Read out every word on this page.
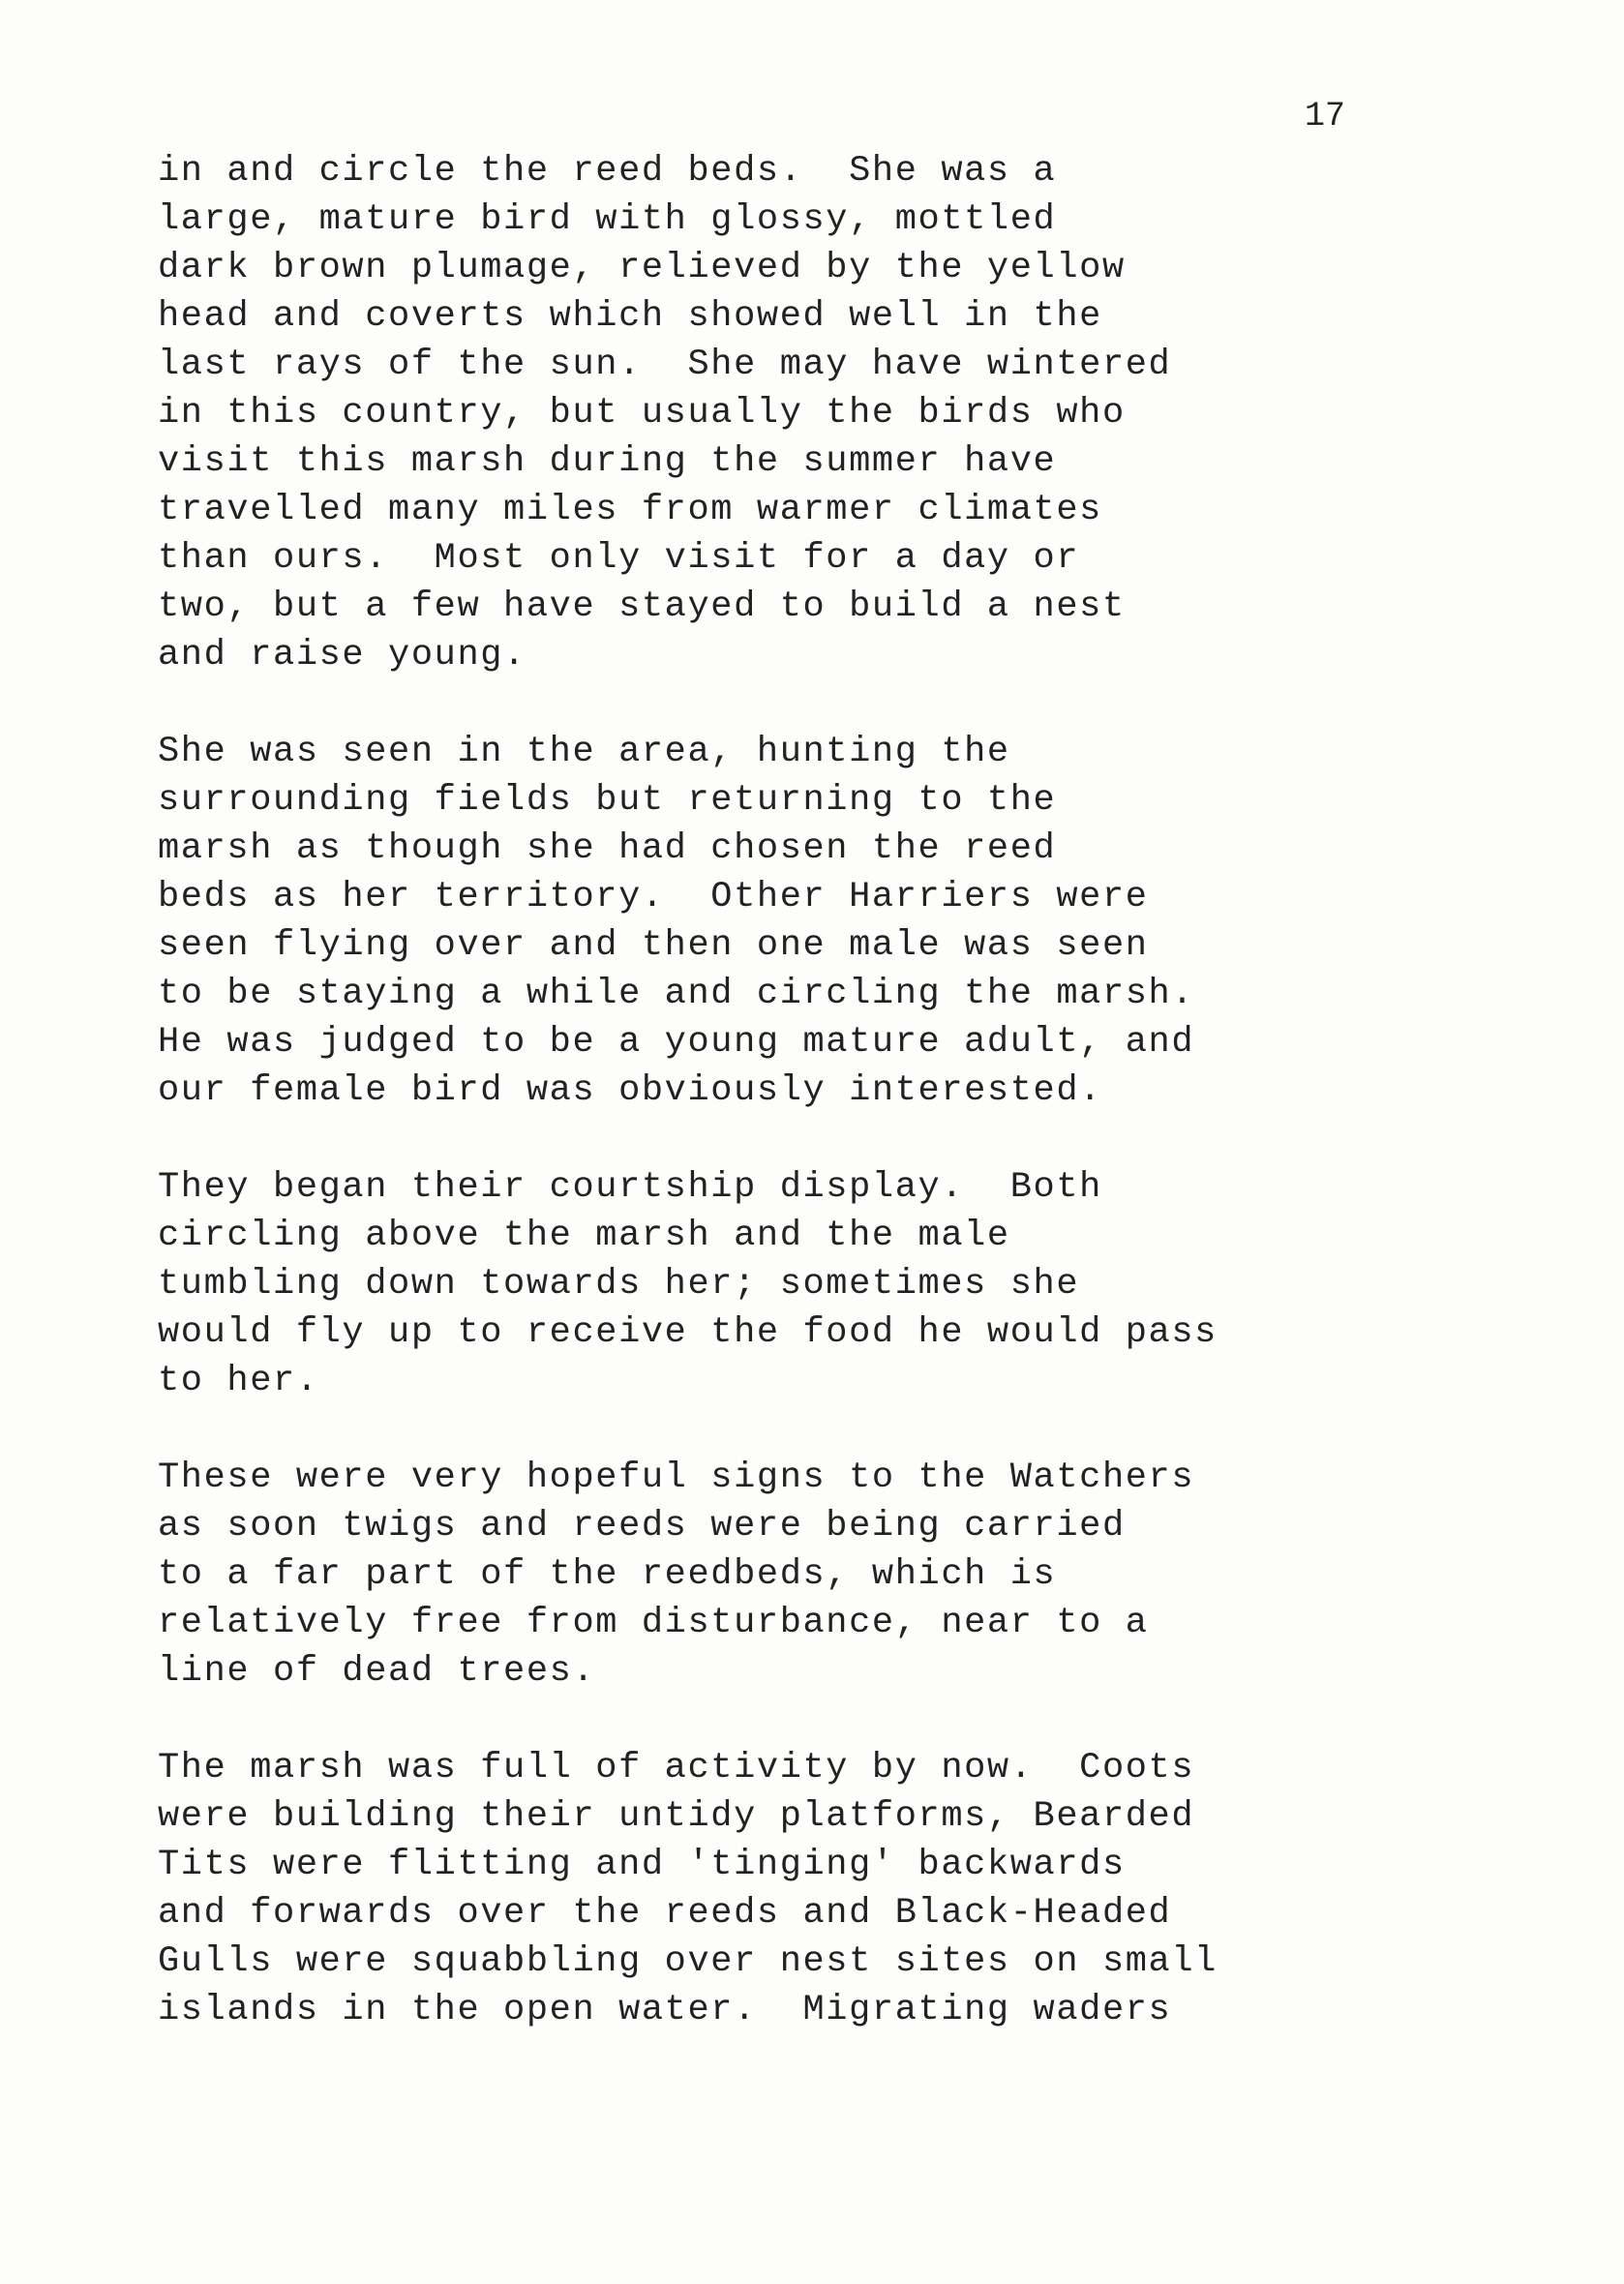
17
in and circle the reed beds.  She was a
large, mature bird with glossy, mottled
dark brown plumage, relieved by the yellow
head and coverts which showed well in the
last rays of the sun.  She may have wintered
in this country, but usually the birds who
visit this marsh during the summer have
travelled many miles from warmer climates
than ours.  Most only visit for a day or
two, but a few have stayed to build a nest
and raise young.
She was seen in the area, hunting the
surrounding fields but returning to the
marsh as though she had chosen the reed
beds as her territory.  Other Harriers were
seen flying over and then one male was seen
to be staying a while and circling the marsh.
He was judged to be a young mature adult, and
our female bird was obviously interested.
They began their courtship display.  Both
circling above the marsh and the male
tumbling down towards her; sometimes she
would fly up to receive the food he would pass
to her.
These were very hopeful signs to the Watchers
as soon twigs and reeds were being carried
to a far part of the reedbeds, which is
relatively free from disturbance, near to a
line of dead trees.
The marsh was full of activity by now.  Coots
were building their untidy platforms, Bearded
Tits were flitting and 'tinging' backwards
and forwards over the reeds and Black-Headed
Gulls were squabbling over nest sites on small
islands in the open water.  Migrating waders
